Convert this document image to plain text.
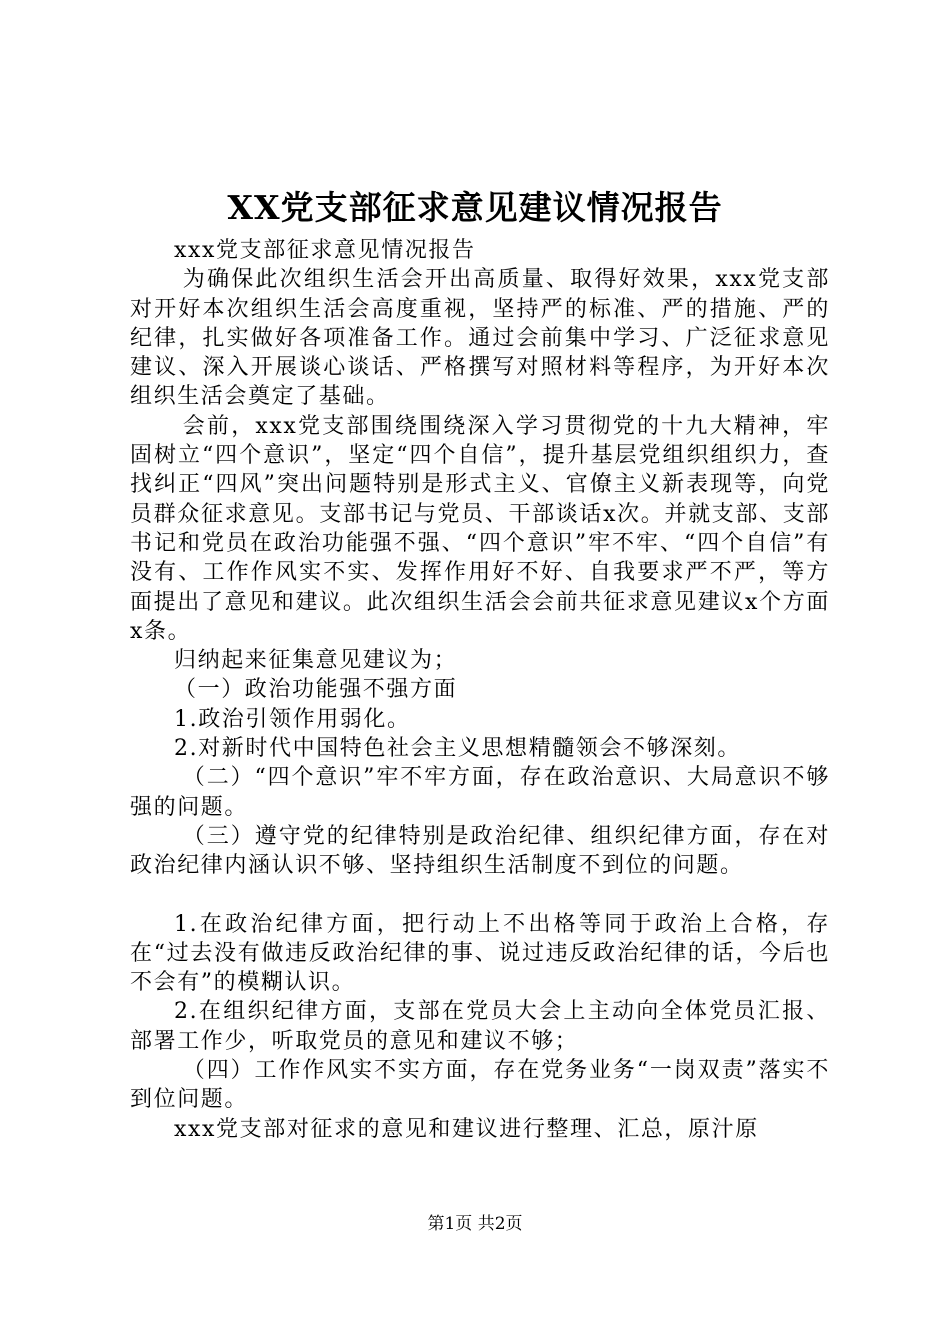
XX党支部征求意见建议情况报告

xxx党支部征求意见情况报告

为确保此次组织生活会开出高质量、取得好效果，xxx党支部对开好本次组织生活会高度重视，坚持严的标准、严的措施、严的纪律，扎实做好各项准备工作。通过会前集中学习、广泛征求意见建议、深入开展谈心谈话、严格撰写对照材料等程序，为开好本次组织生活会奠定了基础。

会前，xxx党支部围绕围绕深入学习贯彻党的十九大精神，牢固树立“四个意识”，坚定“四个自信”，提升基层党组织组织力，查找纠正“四风”突出问题特别是形式主义、官僚主义新表现等，向党员群众征求意见。支部书记与党员、干部谈话x次。并就支部、支部书记和党员在政治功能强不强、“四个意识”牢不牢、“四个自信”有没有、工作作风实不实、发挥作用好不好、自我要求严不严，等方面提出了意见和建议。此次组织生活会会前共征求意见建议x个方面x条。

归纳起来征集意见建议为；

（一）政治功能强不强方面

1.政治引领作用弱化。

2.对新时代中国特色社会主义思想精髓领会不够深刻。

（二）“四个意识”牢不牢方面，存在政治意识、大局意识不够强的问题。

（三）遵守党的纪律特别是政治纪律、组织纪律方面，存在对政治纪律内涵认识不够、坚持组织生活制度不到位的问题。

1.在政治纪律方面，把行动上不出格等同于政治上合格，存在“过去没有做违反政治纪律的事、说过违反政治纪律的话，今后也不会有”的模糊认识。

2.在组织纪律方面，支部在党员大会上主动向全体党员汇报、部署工作少，听取党员的意见和建议不够；

（四）工作作风实不实方面，存在党务业务“一岗双责”落实不到位问题。

xxx党支部对征求的意见和建议进行整理、汇总，原汁原

第1页 共2页
